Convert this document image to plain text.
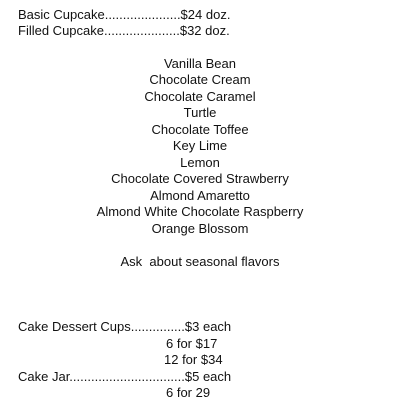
Basic Cupcake.....................$24 doz.
Filled Cupcake.....................$32 doz.
Vanilla Bean
Chocolate Cream
Chocolate Caramel
Turtle
Chocolate Toffee
Key Lime
Lemon
Chocolate Covered Strawberry
Almond Amaretto
Almond White Chocolate Raspberry
Orange Blossom
Ask  about seasonal flavors
Cake Dessert Cups...............$3 each
6 for $17
12 for $34
Cake Jar................................$5 each
6 for 29
